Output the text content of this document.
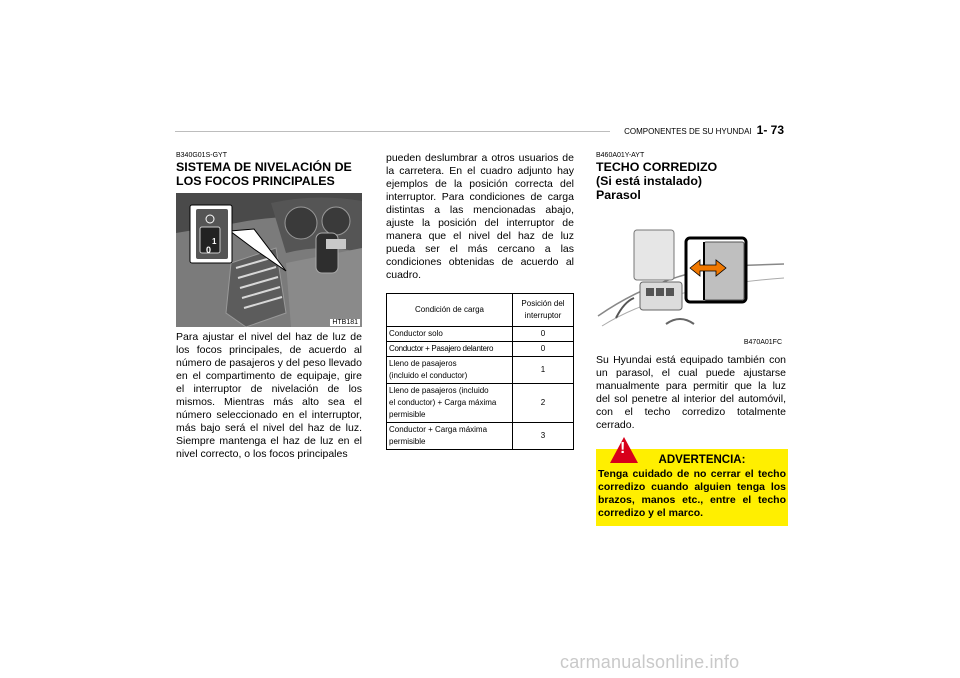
COMPONENTES DE SU HYUNDAI 1- 73
B340G01S-GYT
SISTEMA DE NIVELACIÓN DE
LOS FOCOS PRINCIPALES
1
0
HTB181

Para ajustar el nivel del haz de luz de los focos principales, de acuerdo al número de pasajeros y del peso llevado en el compartimento de equipaje, gire el interruptor de nivelación de los mismos. Mientras más alto sea el número seleccionado en el interruptor, más bajo será el nivel del haz de luz. Siempre mantenga el haz de luz en el nivel correcto, o los focos principales

pueden deslumbrar a otros usuarios de la carretera. En el cuadro adjunto hay ejemplos de la posición correcta del interruptor. Para condiciones de carga distintas a las mencionadas abajo, ajuste la posición del interruptor de manera que el nivel del haz de luz pueda ser el más cercano a las condiciones obtenidas de acuerdo al cuadro.

Condición de carga	Posición del
interruptor
Conductor solo	0
Conductor + Pasajero delantero	0
Lleno de pasajeros
(incluido el conductor)	1
Lleno de pasajeros (incluido
el conductor) + Carga máxima
permisible	2
Conductor + Carga máxima
permisible	3
B460A01Y-AYT
TECHO CORREDIZO
(Si está instalado)
Parasol
B470A01FC

Su Hyundai está equipado también con un parasol, el cual puede ajustarse manualmente para permitir que la luz del sol penetre al interior del automóvil, con el techo corredizo totalmente cerrado.

!
ADVERTENCIA:
Tenga cuidado de no cerrar el techo corredizo cuando alguien tenga los brazos, manos etc., entre el techo corredizo y el marco.
carmanualsonline.info
